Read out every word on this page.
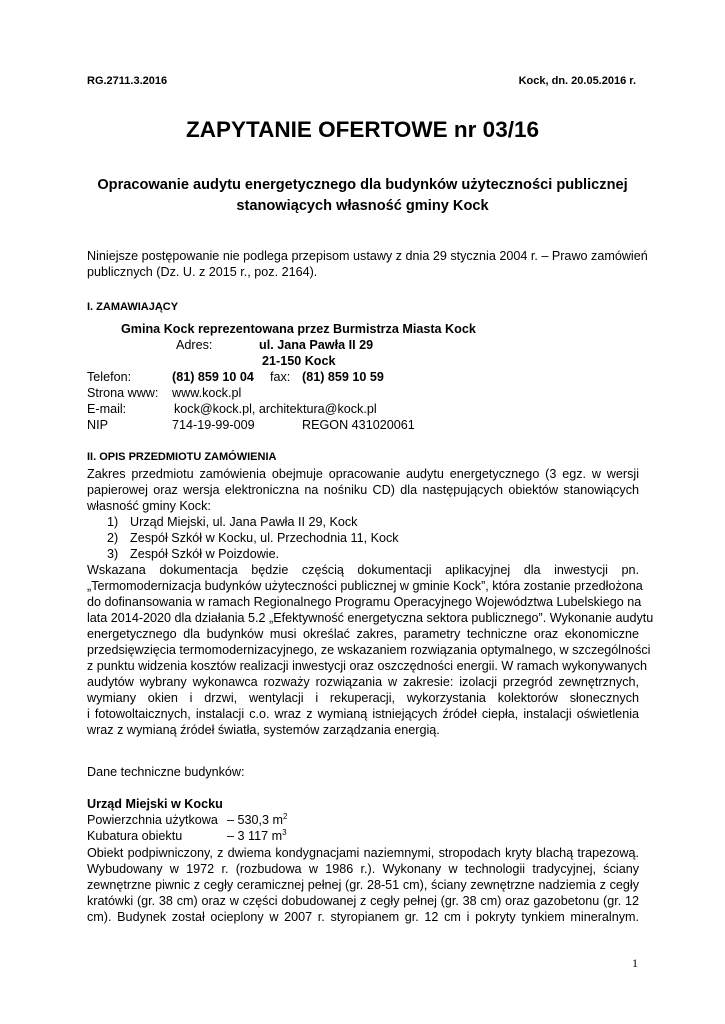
RG.2711.3.2016	Kock, dn. 20.05.2016 r.
ZAPYTANIE OFERTOWE nr 03/16
Opracowanie audytu energetycznego dla budynków użyteczności publicznej
stanowiących własność gminy Kock
Niniejsze postępowanie nie podlega przepisom ustawy z dnia 29 stycznia 2004 r. – Prawo zamówień
publicznych (Dz. U. z 2015 r., poz. 2164).
I. ZAMAWIAJĄCY
Gmina Kock reprezentowana przez Burmistrza Miasta Kock
Adres:	ul. Jana Pawła II 29
21-150 Kock
Telefon:	(81) 859 10 04 fax: (81) 859 10 59
Strona www: www.kock.pl
E-mail:	kock@kock.pl, architektura@kock.pl
NIP	714-19-99-009	REGON 431020061
II. OPIS PRZEDMIOTU ZAMÓWIENIA
Zakres przedmiotu zamówienia obejmuje opracowanie audytu energetycznego (3 egz. w wersji
papierowej oraz wersja elektroniczna na nośniku CD) dla następujących obiektów stanowiących
własność gminy Kock:
1) Urząd Miejski, ul. Jana Pawła II 29, Kock
2) Zespół Szkół w Kocku, ul. Przechodnia 11, Kock
3) Zespół Szkół w Poizdowie.
Wskazana dokumentacja będzie częścią dokumentacji aplikacyjnej dla inwestycji pn.
„Termomodernizacja budynków użyteczności publicznej w gminie Kock”, która zostanie przedłożona
do dofinansowania w ramach Regionalnego Programu Operacyjnego Województwa Lubelskiego na
lata 2014-2020 dla działania 5.2 „Efektywność energetyczna sektora publicznego”. Wykonanie audytu
energetycznego dla budynków musi określać zakres, parametry techniczne oraz ekonomiczne
przedsięwzięcia termomodernizacyjnego, ze wskazaniem rozwiązania optymalnego, w szczególności
z punktu widzenia kosztów realizacji inwestycji oraz oszczędności energii. W ramach wykonywanych
audytów wybrany wykonawca rozważy rozwiązania w zakresie: izolacji przegród zewnętrznych,
wymiany okien i drzwi, wentylacji i rekuperacji, wykorzystania kolektorów słonecznych
i fotowoltaicznych, instalacji c.o. wraz z wymianą istniejących źródeł ciepła, instalacji oświetlenia
wraz z wymianą źródeł światła, systemów zarządzania energią.
Dane techniczne budynków:
Urząd Miejski w Kocku
Powierzchnia użytkowa – 530,3 $m^2$
Kubatura obiektu	– 3 117 $m^3$
Obiekt podpiwniczony, z dwiema kondygnacjami naziemnymi, stropodach kryty blachą trapezową.
Wybudowany w 1972 r. (rozbudowa w 1986 r.). Wykonany w technologii tradycyjnej, ściany
zewnętrzne piwnic z cegły ceramicznej pełnej (gr. 28-51 cm), ściany zewnętrzne nadziemia z cegły
kratówki (gr. 38 cm) oraz w części dobudowanej z cegły pełnej (gr. 38 cm) oraz gazobetonu (gr. 12
cm). Budynek został ocieplony w 2007 r. styropianem gr. 12 cm i pokryty tynkiem mineralnym.
1
